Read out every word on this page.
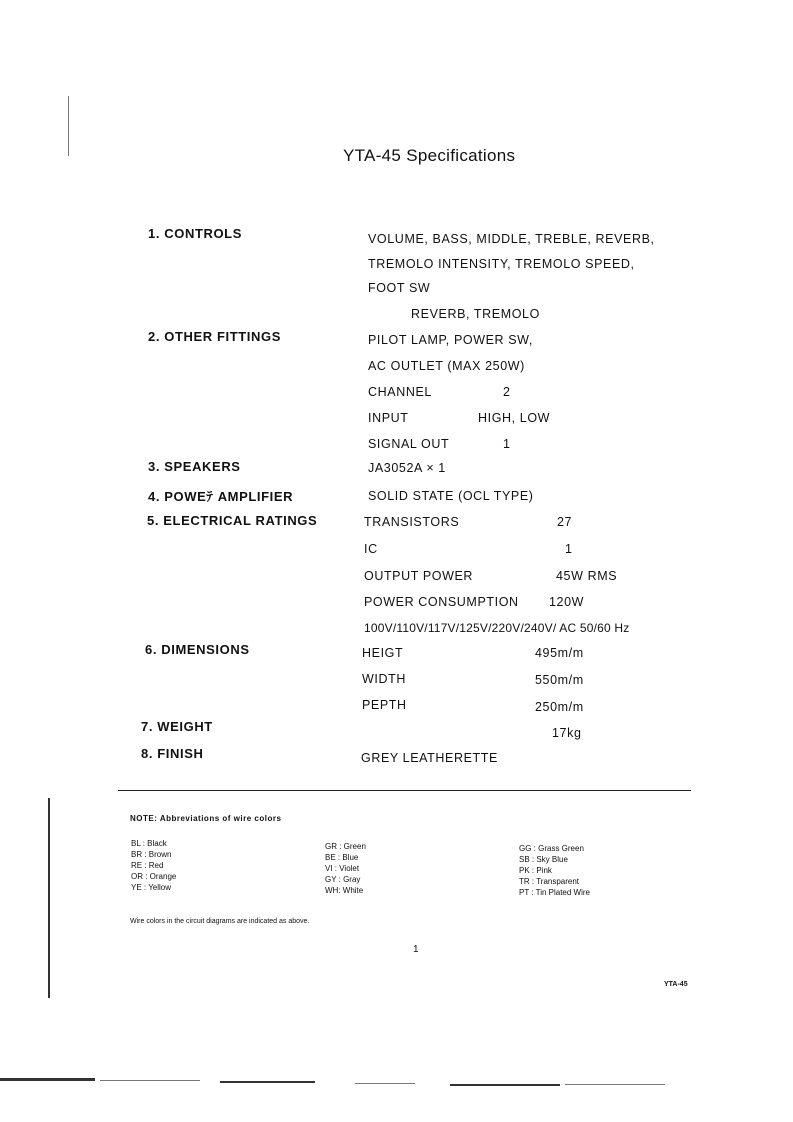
YTA-45 Specifications
1. CONTROLS	VOLUME, BASS, MIDDLE, TREBLE, REVERB,
TREMOLO INTENSITY, TREMOLO SPEED,
FOOT SW
REVERB, TREMOLO
2. OTHER FITTINGS	PILOT LAMP, POWER SW,
AC OUTLET (MAX 250W)
CHANNEL	2
INPUT	HIGH, LOW
SIGNAL OUT	1
3. SPEAKERS	JA3052A × 1
4. POWEﾃ AMPLIFIER	SOLID STATE (OCL TYPE)
5. ELECTRICAL RATINGS	TRANSISTORS	27
IC	1
OUTPUT POWER	45W RMS
POWER CONSUMPTION 120W
100V/110V/117V/125V/220V/240V/ AC 50/60 Hz
6. DIMENSIONS	HEIGT	495m/m
WIDTH	550m/m
PEPTH	250m/m
7. WEIGHT	17kg
8. FINISH	GREY LEATHERETTE
NOTE: Abbreviations of wire colors
BL : Black
BR : Brown
RE : Red
OR : Orange
YE : Yellow
GR : Green
BE : Blue
VI : Violet
GY : Gray
WH: White
GG : Grass Green
SB : Sky Blue
PK : Pink
TR : Transparent
PT : Tin Plated Wire
Wire colors in the circuit diagrams are indicated as above.
1
YTA-45
